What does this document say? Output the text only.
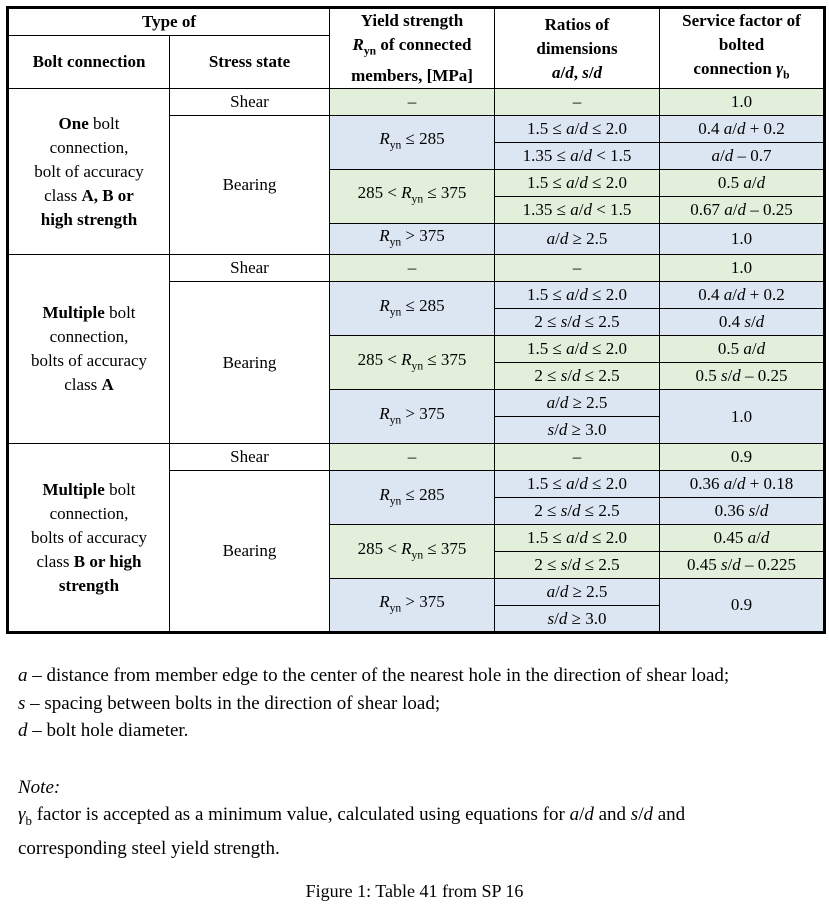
Type of		Yield strength
$R_{yn}$ of connected
members, [MPa]	Ratios of
dimensions
a/d, s/d	Service factor of
bolted
connection $\gamma_b$
Bolt connection	Stress state			
One bolt
connection,
bolt of accuracy
class A, B or
high strength	Shear	–	–	1.0
	Bearing	$R_{yn} \le 285$	1.5 ≤ a/d ≤ 2.0	0.4 a/d + 0.2
			1.35 ≤ a/d < 1.5	a/d – 0.7
		$285 < R_{yn} \le 375$	1.5 ≤ a/d ≤ 2.0	0.5 a/d
			1.35 ≤ a/d < 1.5	0.67 a/d – 0.25
		$R_{yn} > 375$	a/d ≥ 2.5	1.0
Multiple bolt
connection,
bolts of accuracy
class A	Shear	–	–	1.0
	Bearing	$R_{yn} \le 285$	1.5 ≤ a/d ≤ 2.0	0.4 a/d + 0.2
			2 ≤ s/d ≤ 2.5	0.4 s/d
		$285 < R_{yn} \le 375$	1.5 ≤ a/d ≤ 2.0	0.5 a/d
			2 ≤ s/d ≤ 2.5	0.5 s/d – 0.25
		$R_{yn} > 375$	a/d ≥ 2.5	1.0
			s/d ≥ 3.0	
Multiple bolt
connection,
bolts of accuracy
class B or high
strength	Shear	–	–	0.9
	Bearing	$R_{yn} \le 285$	1.5 ≤ a/d ≤ 2.0	0.36 a/d + 0.18
			2 ≤ s/d ≤ 2.5	0.36 s/d
		$285 < R_{yn} \le 375$	1.5 ≤ a/d ≤ 2.0	0.45 a/d
			2 ≤ s/d ≤ 2.5	0.45 s/d – 0.225
		$R_{yn} > 375$	a/d ≥ 2.5	0.9
			s/d ≥ 3.0	

a – distance from member edge to the center of the nearest hole in the direction of shear load;

s – spacing between bolts in the direction of shear load;

d – bolt hole diameter.

Note:

$\gamma_b$ factor is accepted as a minimum value, calculated using equations for a/d and s/d and corresponding steel yield strength.

Figure 1: Table 41 from SP 16
